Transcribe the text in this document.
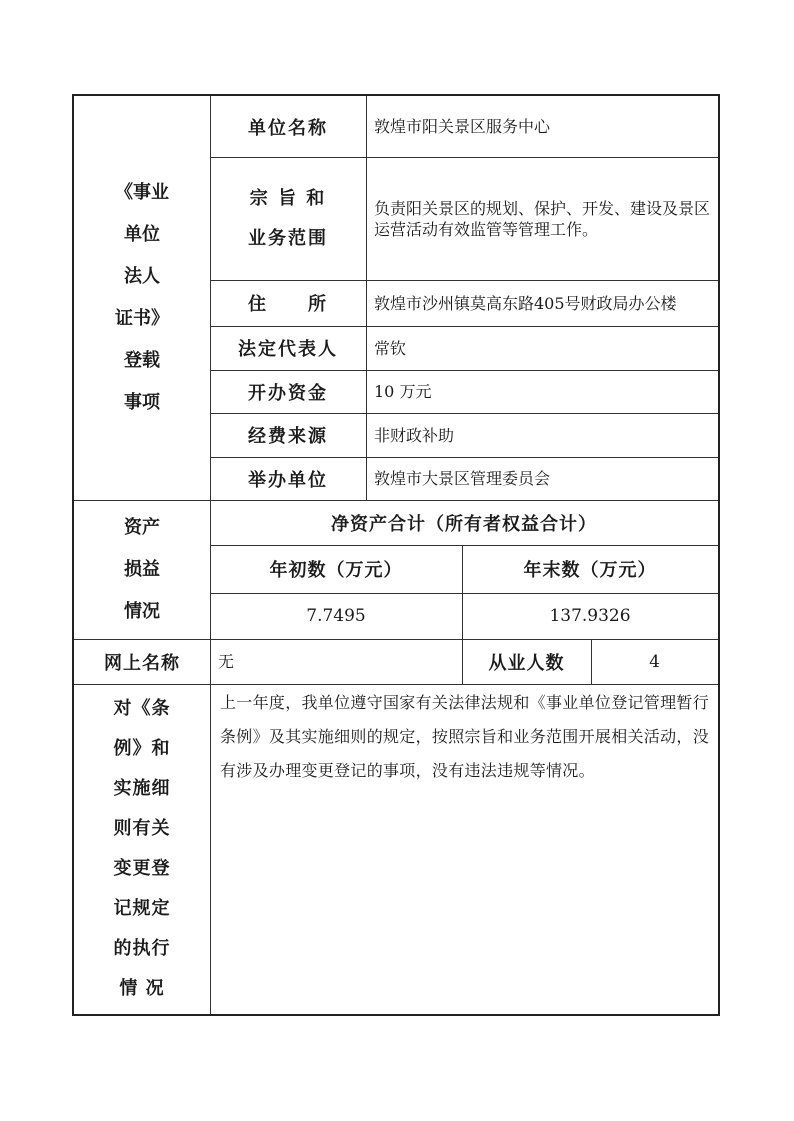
《事业
单位
法人
证书》
登载
事项
单位名称	敦煌市阳关景区服务中心
宗 旨 和
业务范围
负责阳关景区的规划、保护、开发、建设及景区运营活动有效监管等管理工作。
住　　所	敦煌市沙州镇莫高东路405号财政局办公楼
法定代表人	常钦
开办资金	10 万元
经费来源	非财政补助
举办单位	敦煌市大景区管理委员会
资产
损益
情况
净资产合计（所有者权益合计）
年初数（万元）	年末数（万元）
7.7495	137.9326
网上名称	无	从业人数	4
对《条
例》和
实施细
则有关
变更登
记规定
的执行
情 况
上一年度，我单位遵守国家有关法律法规和《事业单位登记管理暂行条例》及其实施细则的规定，按照宗旨和业务范围开展相关活动，没有涉及办理变更登记的事项，没有违法违规等情况。
